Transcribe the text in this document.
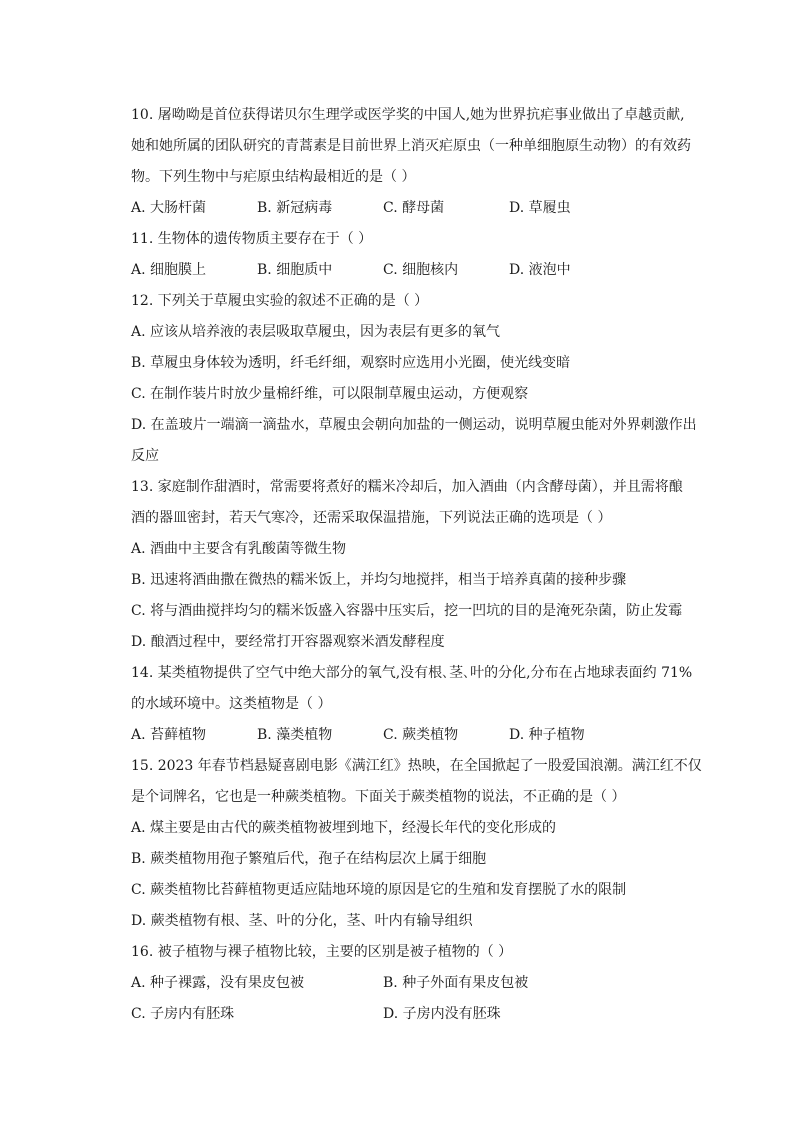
10. 屠呦呦是首位获得诺贝尔生理学或医学奖的中国人,她为世界抗疟事业做出了卓越贡献,

她和她所属的团队研究的青蒿素是目前世界上消灭疟原虫（一种单细胞原生动物）的有效药

物。下列生物中与疟原虫结构最相近的是（ ）

A. 大肠杆菌	B. 新冠病毒	C. 酵母菌	D. 草履虫

11. 生物体的遗传物质主要存在于（ ）

A. 细胞膜上	B. 细胞质中	C. 细胞核内	D. 液泡中

12. 下列关于草履虫实验的叙述不正确的是（ ）

A. 应该从培养液的表层吸取草履虫，因为表层有更多的氧气

B. 草履虫身体较为透明，纤毛纤细，观察时应选用小光圈，使光线变暗

C. 在制作装片时放少量棉纤维，可以限制草履虫运动，方便观察

D. 在盖玻片一端滴一滴盐水，草履虫会朝向加盐的一侧运动，说明草履虫能对外界刺激作出

反应

13. 家庭制作甜酒时，常需要将煮好的糯米冷却后，加入酒曲（内含酵母菌），并且需将酿

酒的器皿密封，若天气寒冷，还需采取保温措施，下列说法正确的选项是（ ）

A. 酒曲中主要含有乳酸菌等微生物

B. 迅速将酒曲撒在微热的糯米饭上，并均匀地搅拌，相当于培养真菌的接种步骤

C. 将与酒曲搅拌均匀的糯米饭盛入容器中压实后，挖一凹坑的目的是淹死杂菌，防止发霉

D. 酿酒过程中，要经常打开容器观察米酒发酵程度

14. 某类植物提供了空气中绝大部分的氧气,没有根､茎､叶的分化,分布在占地球表面约 71%

的水域环境中。这类植物是（ ）

A. 苔藓植物	B. 藻类植物	C. 蕨类植物	D. 种子植物

15. 2023 年春节档悬疑喜剧电影《满江红》热映，在全国掀起了一股爱国浪潮。满江红不仅

是个词牌名，它也是一种蕨类植物。下面关于蕨类植物的说法，不正确的是（ ）

A. 煤主要是由古代的蕨类植物被埋到地下，经漫长年代的变化形成的

B. 蕨类植物用孢子繁殖后代，孢子在结构层次上属于细胞

C. 蕨类植物比苔藓植物更适应陆地环境的原因是它的生殖和发育摆脱了水的限制

D. 蕨类植物有根、茎、叶的分化，茎、叶内有输导组织

16. 被子植物与裸子植物比较，主要的区别是被子植物的（ ）

A. 种子裸露，没有果皮包被	B. 种子外面有果皮包被
C. 子房内有胚珠	D. 子房内没有胚珠
